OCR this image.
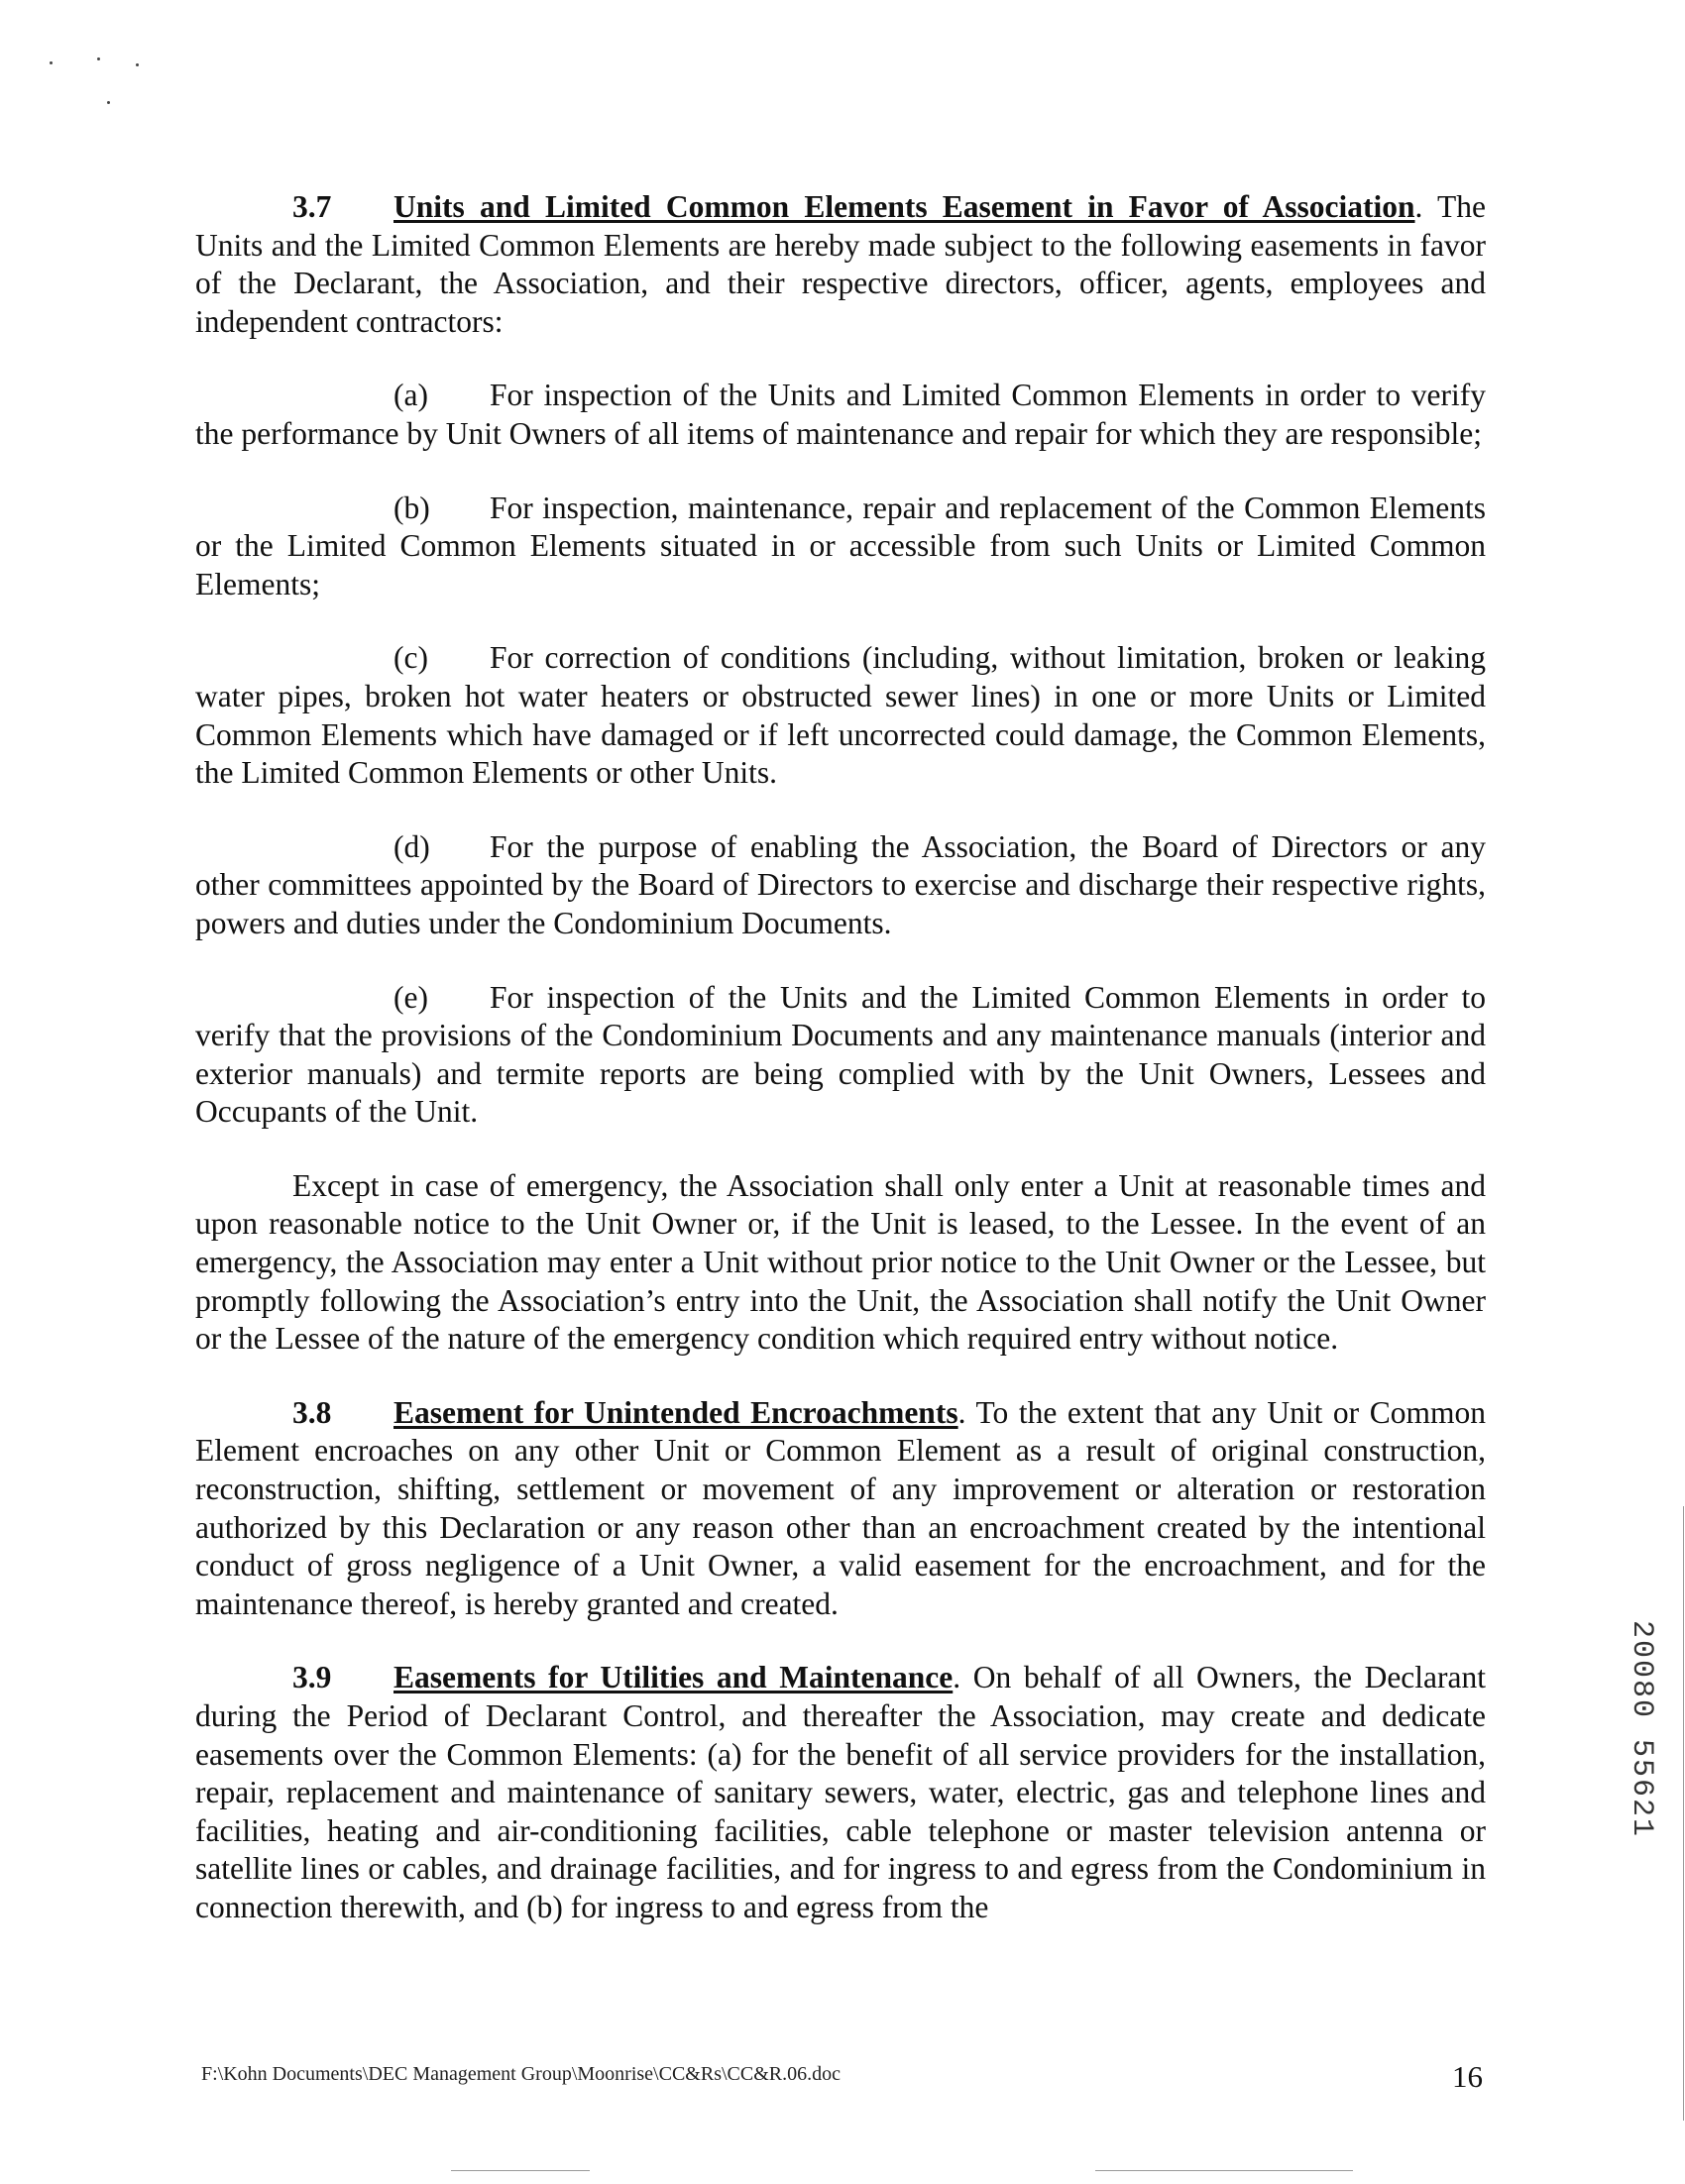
3.7 Units and Limited Common Elements Easement in Favor of Association. The Units and the Limited Common Elements are hereby made subject to the following easements in favor of the Declarant, the Association, and their respective directors, officer, agents, employees and independent contractors:

(a) For inspection of the Units and Limited Common Elements in order to verify the performance by Unit Owners of all items of maintenance and repair for which they are responsible;

(b) For inspection, maintenance, repair and replacement of the Common Elements or the Limited Common Elements situated in or accessible from such Units or Limited Common Elements;

(c) For correction of conditions (including, without limitation, broken or leaking water pipes, broken hot water heaters or obstructed sewer lines) in one or more Units or Limited Common Elements which have damaged or if left uncorrected could damage, the Common Elements, the Limited Common Elements or other Units.

(d) For the purpose of enabling the Association, the Board of Directors or any other committees appointed by the Board of Directors to exercise and discharge their respective rights, powers and duties under the Condominium Documents.

(e) For inspection of the Units and the Limited Common Elements in order to verify that the provisions of the Condominium Documents and any maintenance manuals (interior and exterior manuals) and termite reports are being complied with by the Unit Owners, Lessees and Occupants of the Unit.

Except in case of emergency, the Association shall only enter a Unit at reasonable times and upon reasonable notice to the Unit Owner or, if the Unit is leased, to the Lessee. In the event of an emergency, the Association may enter a Unit without prior notice to the Unit Owner or the Lessee, but promptly following the Association’s entry into the Unit, the Association shall notify the Unit Owner or the Lessee of the nature of the emergency condition which required entry without notice.

3.8 Easement for Unintended Encroachments. To the extent that any Unit or Common Element encroaches on any other Unit or Common Element as a result of original construction, reconstruction, shifting, settlement or movement of any improvement or alteration or restoration authorized by this Declaration or any reason other than an encroachment created by the intentional conduct of gross negligence of a Unit Owner, a valid easement for the encroachment, and for the maintenance thereof, is hereby granted and created.

3.9 Easements for Utilities and Maintenance. On behalf of all Owners, the Declarant during the Period of Declarant Control, and thereafter the Association, may create and dedicate easements over the Common Elements: (a) for the benefit of all service providers for the installation, repair, replacement and maintenance of sanitary sewers, water, electric, gas and telephone lines and facilities, heating and air-conditioning facilities, cable telephone or master television antenna or satellite lines or cables, and drainage facilities, and for ingress to and egress from the Condominium in connection therewith, and (b) for ingress to and egress from the

20080 55621
F:\Kohn Documents\DEC Management Group\Moonrise\CC&Rs\CC&R.06.doc	16
